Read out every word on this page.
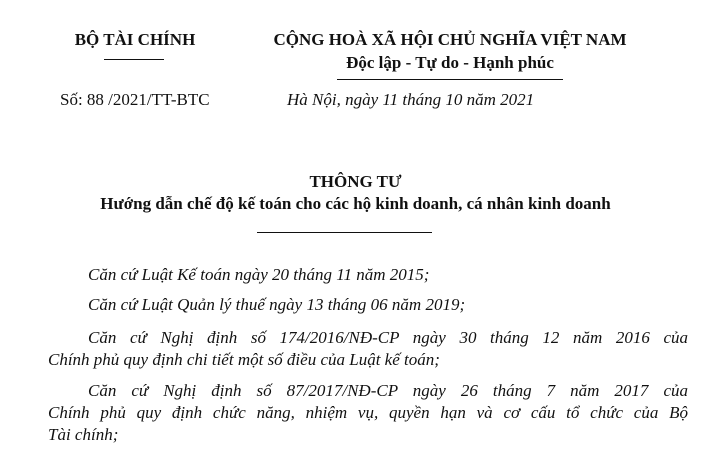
BỘ TÀI CHÍNH	CỘNG HOÀ XÃ HỘI CHỦ NGHĨA VIỆT NAM
Độc lập - Tự do - Hạnh phúc
Số: 88 /2021/TT-BTC	Hà Nội, ngày 11 tháng 10 năm 2021
THÔNG TƯ
Hướng dẫn chế độ kế toán cho các hộ kinh doanh, cá nhân kinh doanh
Căn cứ Luật Kế toán ngày 20 tháng 11 năm 2015;
Căn cứ Luật Quản lý thuế ngày 13 tháng 06 năm 2019;
Căn cứ Nghị định số 174/2016/NĐ-CP ngày 30 tháng 12 năm 2016 của
Chính phủ quy định chi tiết một số điều của Luật kế toán;
Căn cứ Nghị định số 87/2017/NĐ-CP ngày 26 tháng 7 năm 2017 của
Chính phủ quy định chức năng, nhiệm vụ, quyền hạn và cơ cấu tổ chức của Bộ
Tài chính;
